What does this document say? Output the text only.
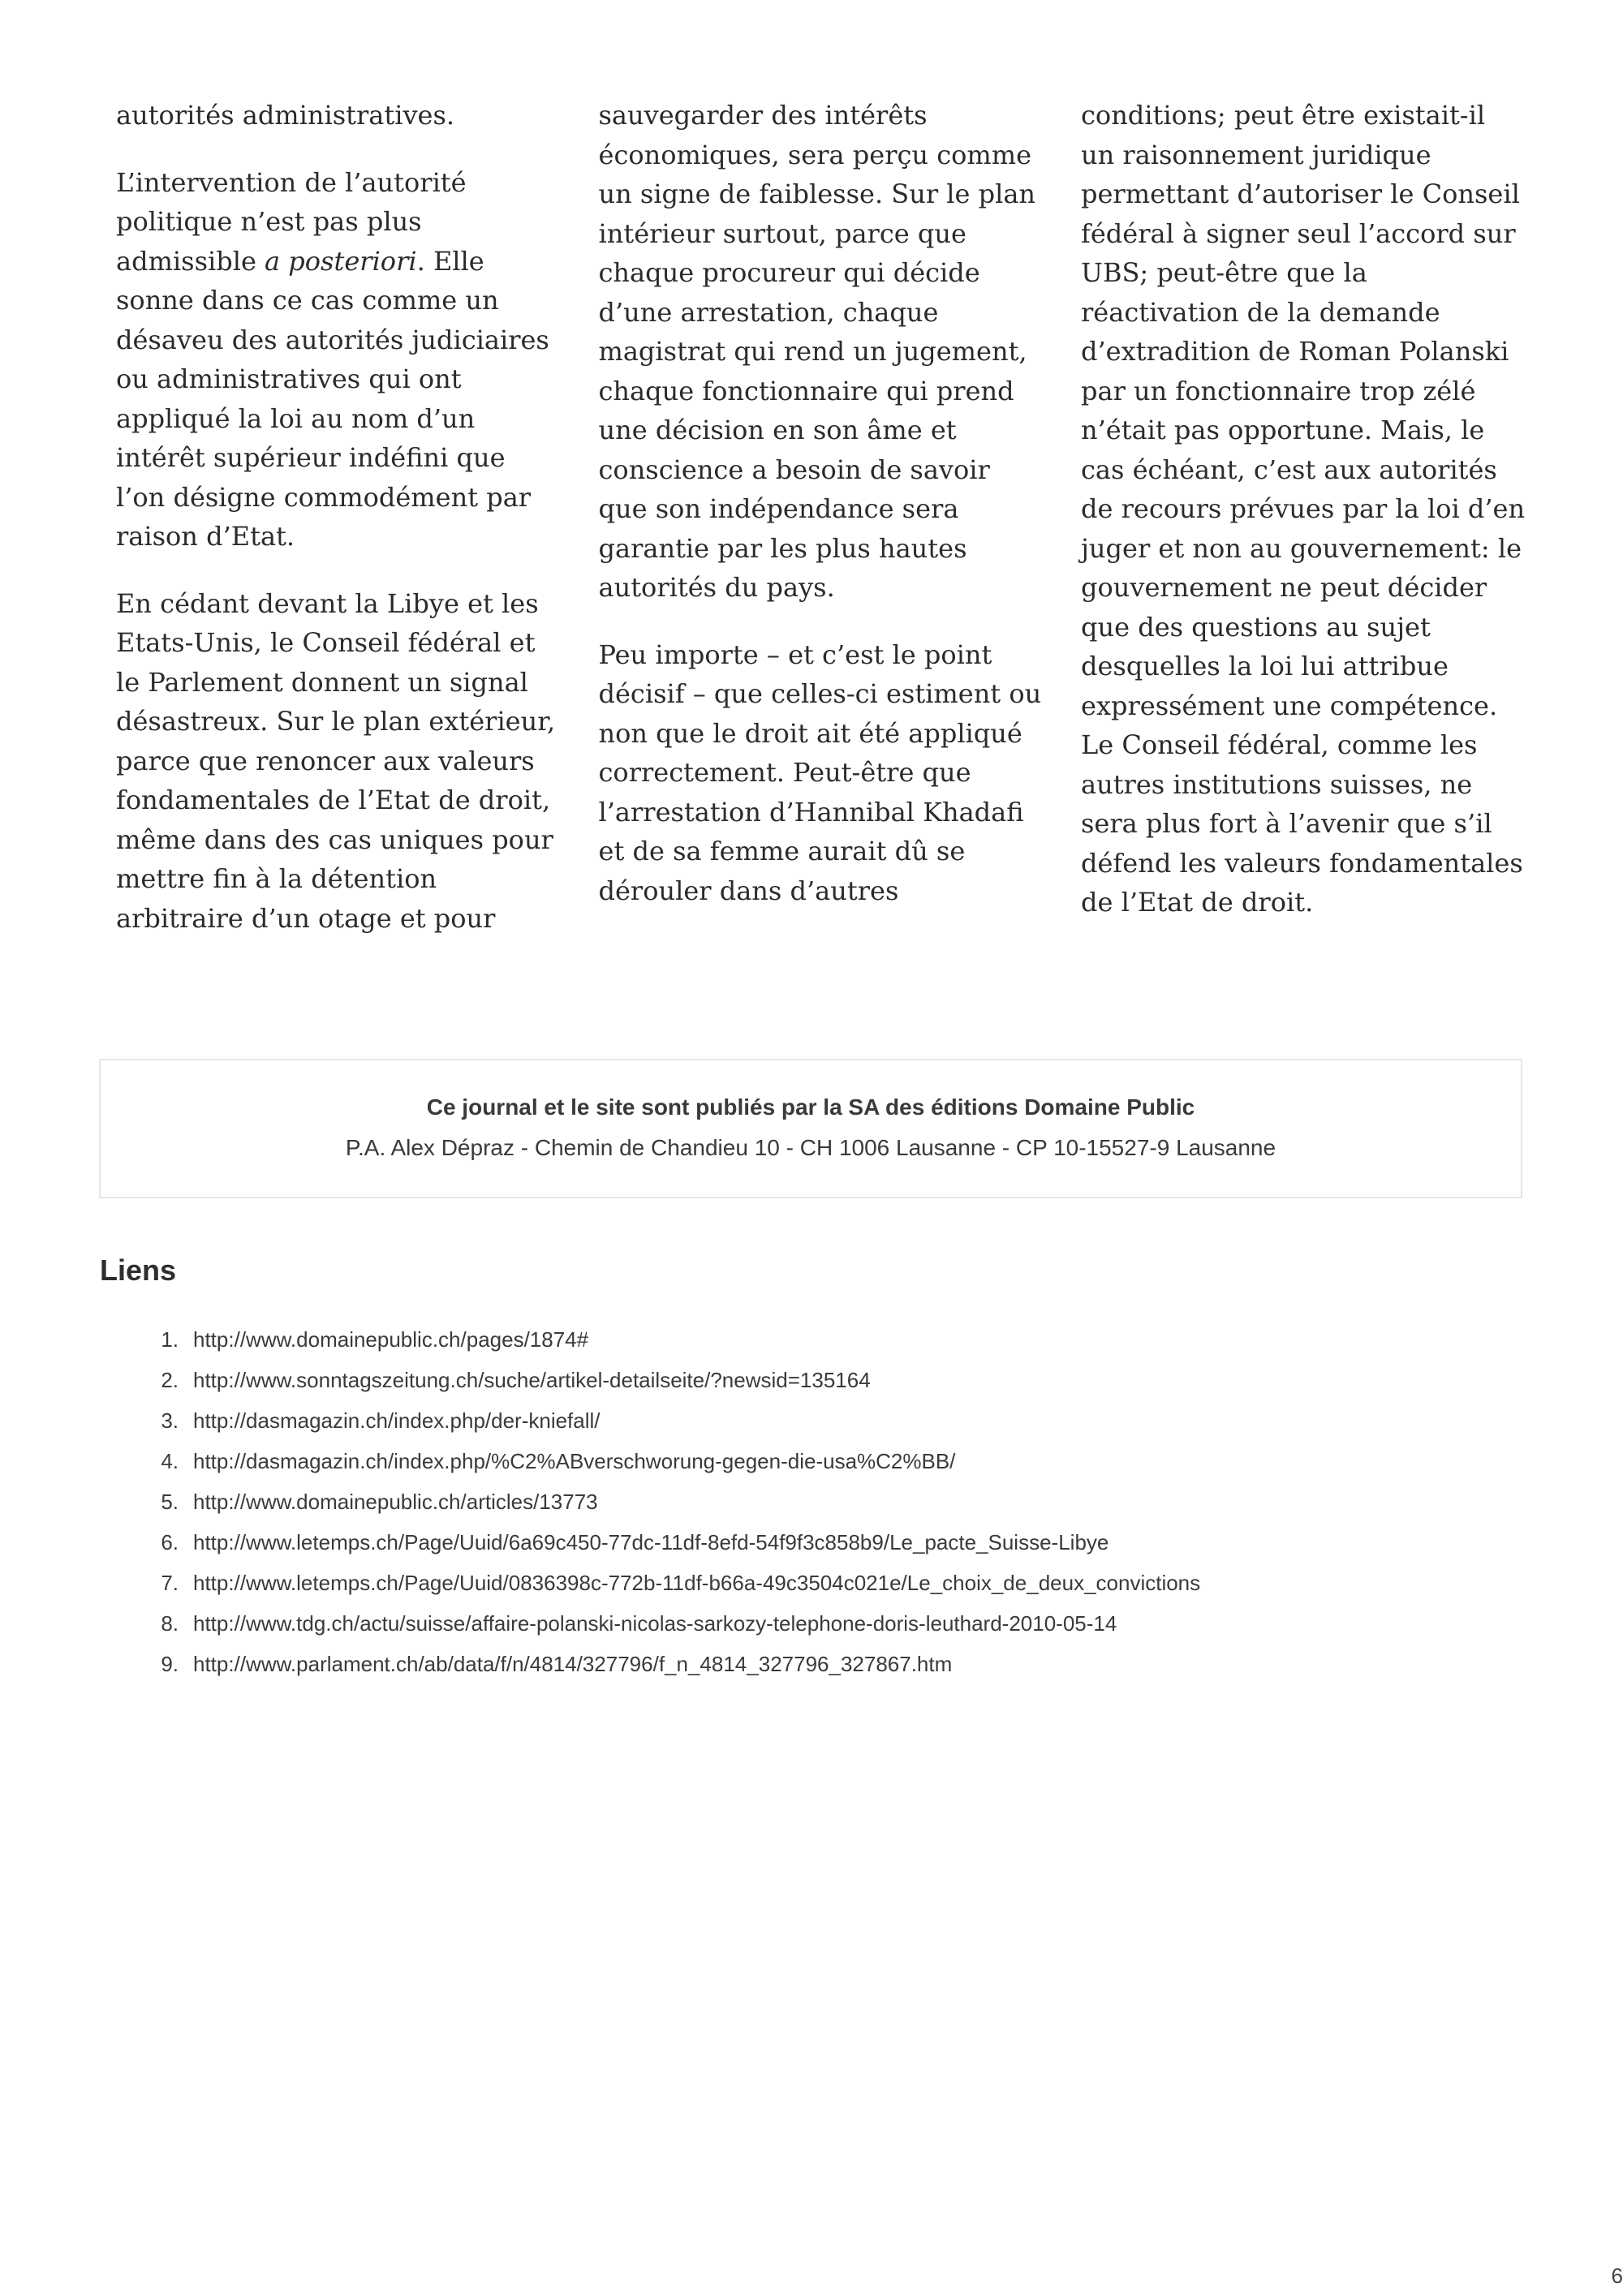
autorités administratives.

L’intervention de l’autorité politique n’est pas plus admissible a posteriori. Elle sonne dans ce cas comme un désaveu des autorités judiciaires ou administratives qui ont appliqué la loi au nom d’un intérêt supérieur indéfini que l’on désigne commodément par raison d’Etat.

En cédant devant la Libye et les Etats-Unis, le Conseil fédéral et le Parlement donnent un signal désastreux. Sur le plan extérieur, parce que renoncer aux valeurs fondamentales de l’Etat de droit, même dans des cas uniques pour mettre fin à la détention arbitraire d’un otage et pour

sauvegarder des intérêts économiques, sera perçu comme un signe de faiblesse. Sur le plan intérieur surtout, parce que chaque procureur qui décide d’une arrestation, chaque magistrat qui rend un jugement, chaque fonctionnaire qui prend une décision en son âme et conscience a besoin de savoir que son indépendance sera garantie par les plus hautes autorités du pays.

Peu importe – et c’est le point décisif – que celles-ci estiment ou non que le droit ait été appliqué correctement. Peut-être que l’arrestation d’Hannibal Khadafi et de sa femme aurait dû se dérouler dans d’autres

conditions; peut être existait-il un raisonnement juridique permettant d’autoriser le Conseil fédéral à signer seul l’accord sur UBS; peut-être que la réactivation de la demande d’extradition de Roman Polanski par un fonctionnaire trop zélé n’était pas opportune. Mais, le cas échéant, c’est aux autorités de recours prévues par la loi d’en juger et non au gouvernement: le gouvernement ne peut décider que des questions au sujet desquelles la loi lui attribue expressément une compétence. Le Conseil fédéral, comme les autres institutions suisses, ne sera plus fort à l’avenir que s’il défend les valeurs fondamentales de l’Etat de droit.

Ce journal et le site sont publiés par la SA des éditions Domaine Public
P.A. Alex Dépraz - Chemin de Chandieu 10 - CH 1006 Lausanne - CP 10-15527-9 Lausanne
Liens
1. http://www.domainepublic.ch/pages/1874#
2. http://www.sonntagszeitung.ch/suche/artikel-detailseite/?newsid=135164
3. http://dasmagazin.ch/index.php/der-kniefall/
4. http://dasmagazin.ch/index.php/%C2%ABverschworung-gegen-die-usa%C2%BB/
5. http://www.domainepublic.ch/articles/13773
6. http://www.letemps.ch/Page/Uuid/6a69c450-77dc-11df-8efd-54f9f3c858b9/Le_pacte_Suisse-Libye
7. http://www.letemps.ch/Page/Uuid/0836398c-772b-11df-b66a-49c3504c021e/Le_choix_de_deux_convictions
8. http://www.tdg.ch/actu/suisse/affaire-polanski-nicolas-sarkozy-telephone-doris-leuthard-2010-05-14
9. http://www.parlament.ch/ab/data/f/n/4814/327796/f_n_4814_327796_327867.htm
6
